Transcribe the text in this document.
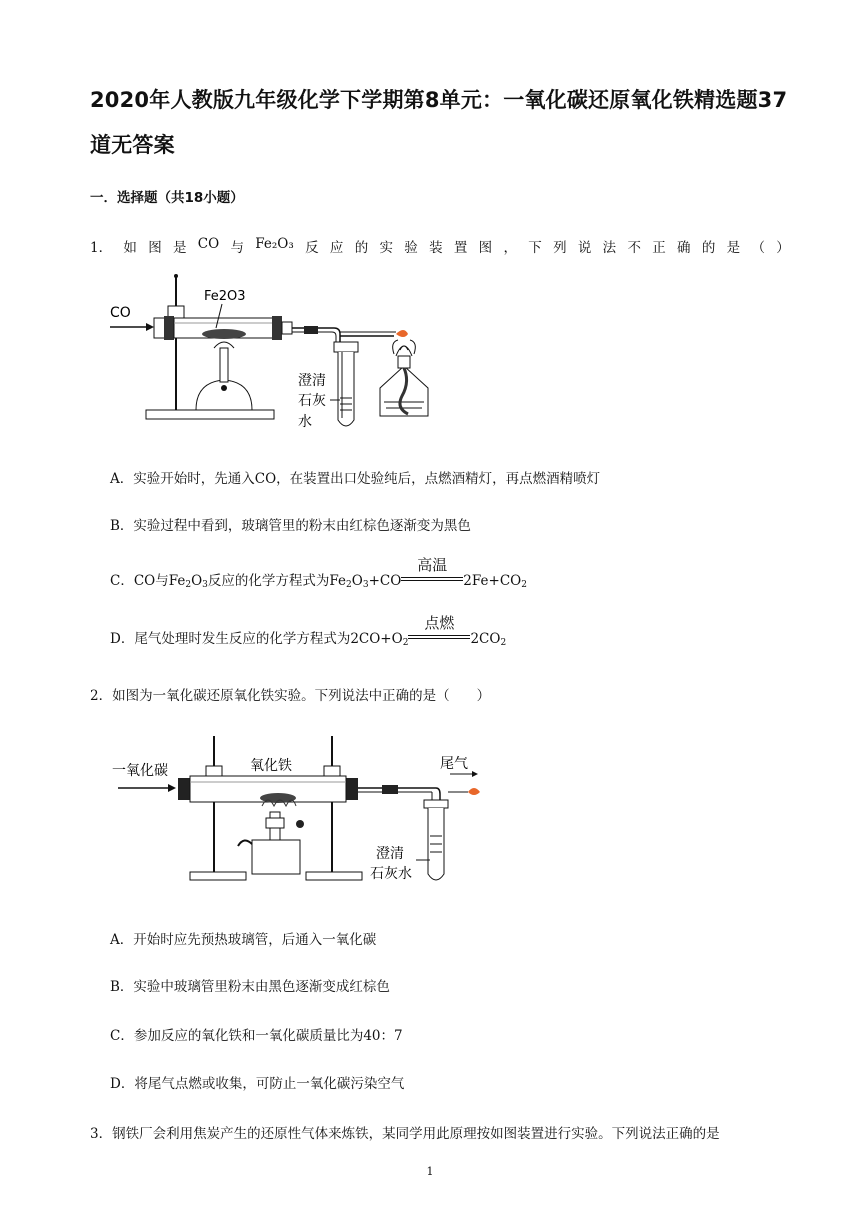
2020年人教版九年级化学下学期第8单元：一氧化碳还原氧化铁精选题37道无答案
一．选择题（共18小题）
1． 如 图 是 CO 与 Fe₂O₃ 反 应 的 实 验 装 置 图 ， 下 列 说 法 不 正 确 的 是 （ ）
CO
Fe2O3
澄清
石灰
水
A．实验开始时，先通入CO，在装置出口处验纯后，点燃酒精灯，再点燃酒精喷灯
B．实验过程中看到，玻璃管里的粉末由红棕色逐渐变为黑色
C．CO与$Fe_2O_3$反应的化学方程式为$Fe_2O_3+CO$
高温
$2Fe+CO_2$
D．尾气处理时发生反应的化学方程式为$2CO+O_2$
点燃
$2CO_2$
2．如图为一氧化碳还原氧化铁实验。下列说法中正确的是（　　）
一氧化碳	氧化铁	尾气
澄清
石灰水
A．开始时应先预热玻璃管，后通入一氧化碳
B．实验中玻璃管里粉末由黑色逐渐变成红棕色
C．参加反应的氧化铁和一氧化碳质量比为40：7
D．将尾气点燃或收集，可防止一氧化碳污染空气
3．钢铁厂会利用焦炭产生的还原性气体来炼铁，某同学用此原理按如图装置进行实验。下列说法正确的是
1
